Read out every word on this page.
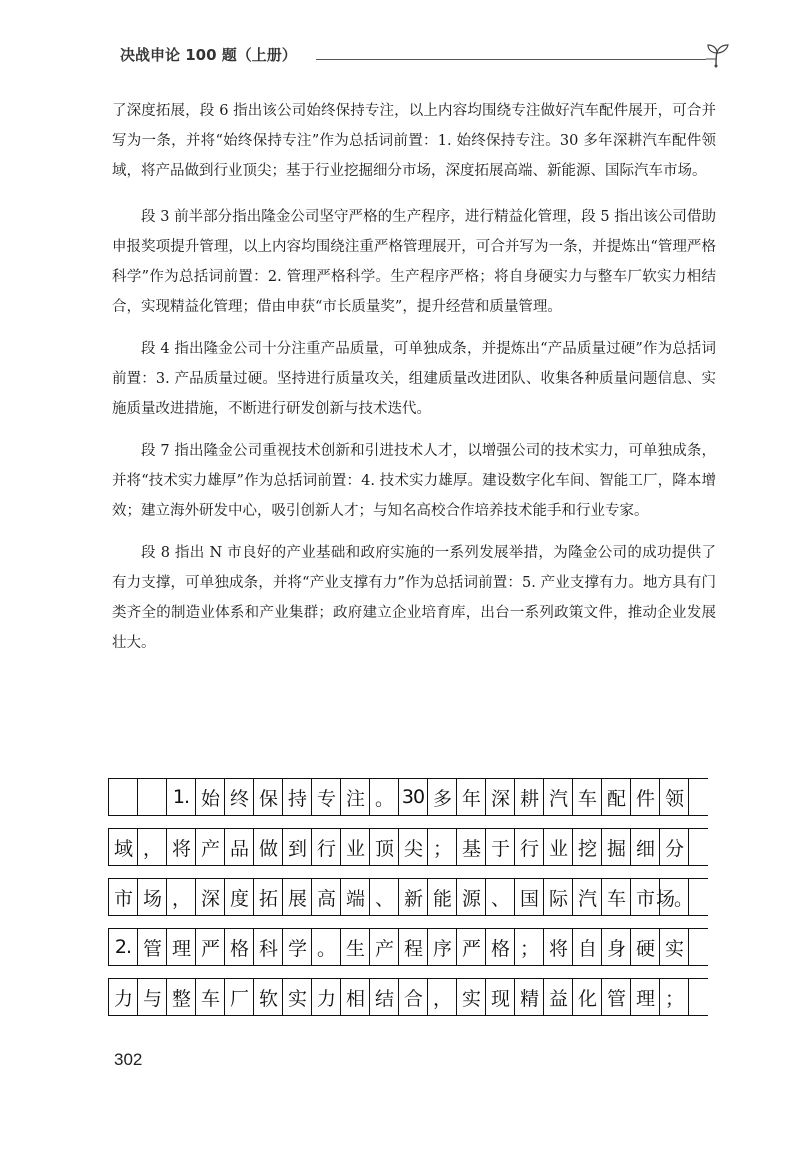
决战申论 100 题（上册）

了深度拓展，段 6 指出该公司始终保持专注，以上内容均围绕专注做好汽车配件展开，可合并写为一条，并将“始终保持专注”作为总括词前置：1. 始终保持专注。30 多年深耕汽车配件领域，将产品做到行业顶尖；基于行业挖掘细分市场，深度拓展高端、新能源、国际汽车市场。

段 3 前半部分指出隆金公司坚守严格的生产程序，进行精益化管理，段 5 指出该公司借助申报奖项提升管理，以上内容均围绕注重严格管理展开，可合并写为一条，并提炼出“管理严格科学”作为总括词前置：2. 管理严格科学。生产程序严格；将自身硬实力与整车厂软实力相结合，实现精益化管理；借由申获“市长质量奖”，提升经营和质量管理。

段 4 指出隆金公司十分注重产品质量，可单独成条，并提炼出“产品质量过硬”作为总括词前置：3. 产品质量过硬。坚持进行质量攻关，组建质量改进团队、收集各种质量问题信息、实施质量改进措施，不断进行研发创新与技术迭代。

段 7 指出隆金公司重视技术创新和引进技术人才，以增强公司的技术实力，可单独成条，并将“技术实力雄厚”作为总括词前置：4. 技术实力雄厚。建设数字化车间、智能工厂，降本增效；建立海外研发中心，吸引创新人才；与知名高校合作培养技术能手和行业专家。

段 8 指出 N 市良好的产业基础和政府实施的一系列发展举措，为隆金公司的成功提供了有力支撑，可单独成条，并将“产业支撑有力”作为总括词前置：5. 产业支撑有力。地方具有门类齐全的制造业体系和产业集群；政府建立企业培育库，出台一系列政策文件，推动企业发展壮大。

1. 始 终 保 持 专 注 。 30 多 年 深 耕 汽 车 配 件 领
域 ， 将 产 品 做 到 行 业 顶 尖 ； 基 于 行 业 挖 掘 细 分
市 场 ， 深 度 拓 展 高 端 、 新 能 源 、 国 际 汽 车 市 场。
2. 管 理 严 格 科 学 。 生 产 程 序 严 格 ； 将 自 身 硬 实
力 与 整 车 厂 软 实 力 相 结 合 ， 实 现 精 益 化 管 理 ；
302
